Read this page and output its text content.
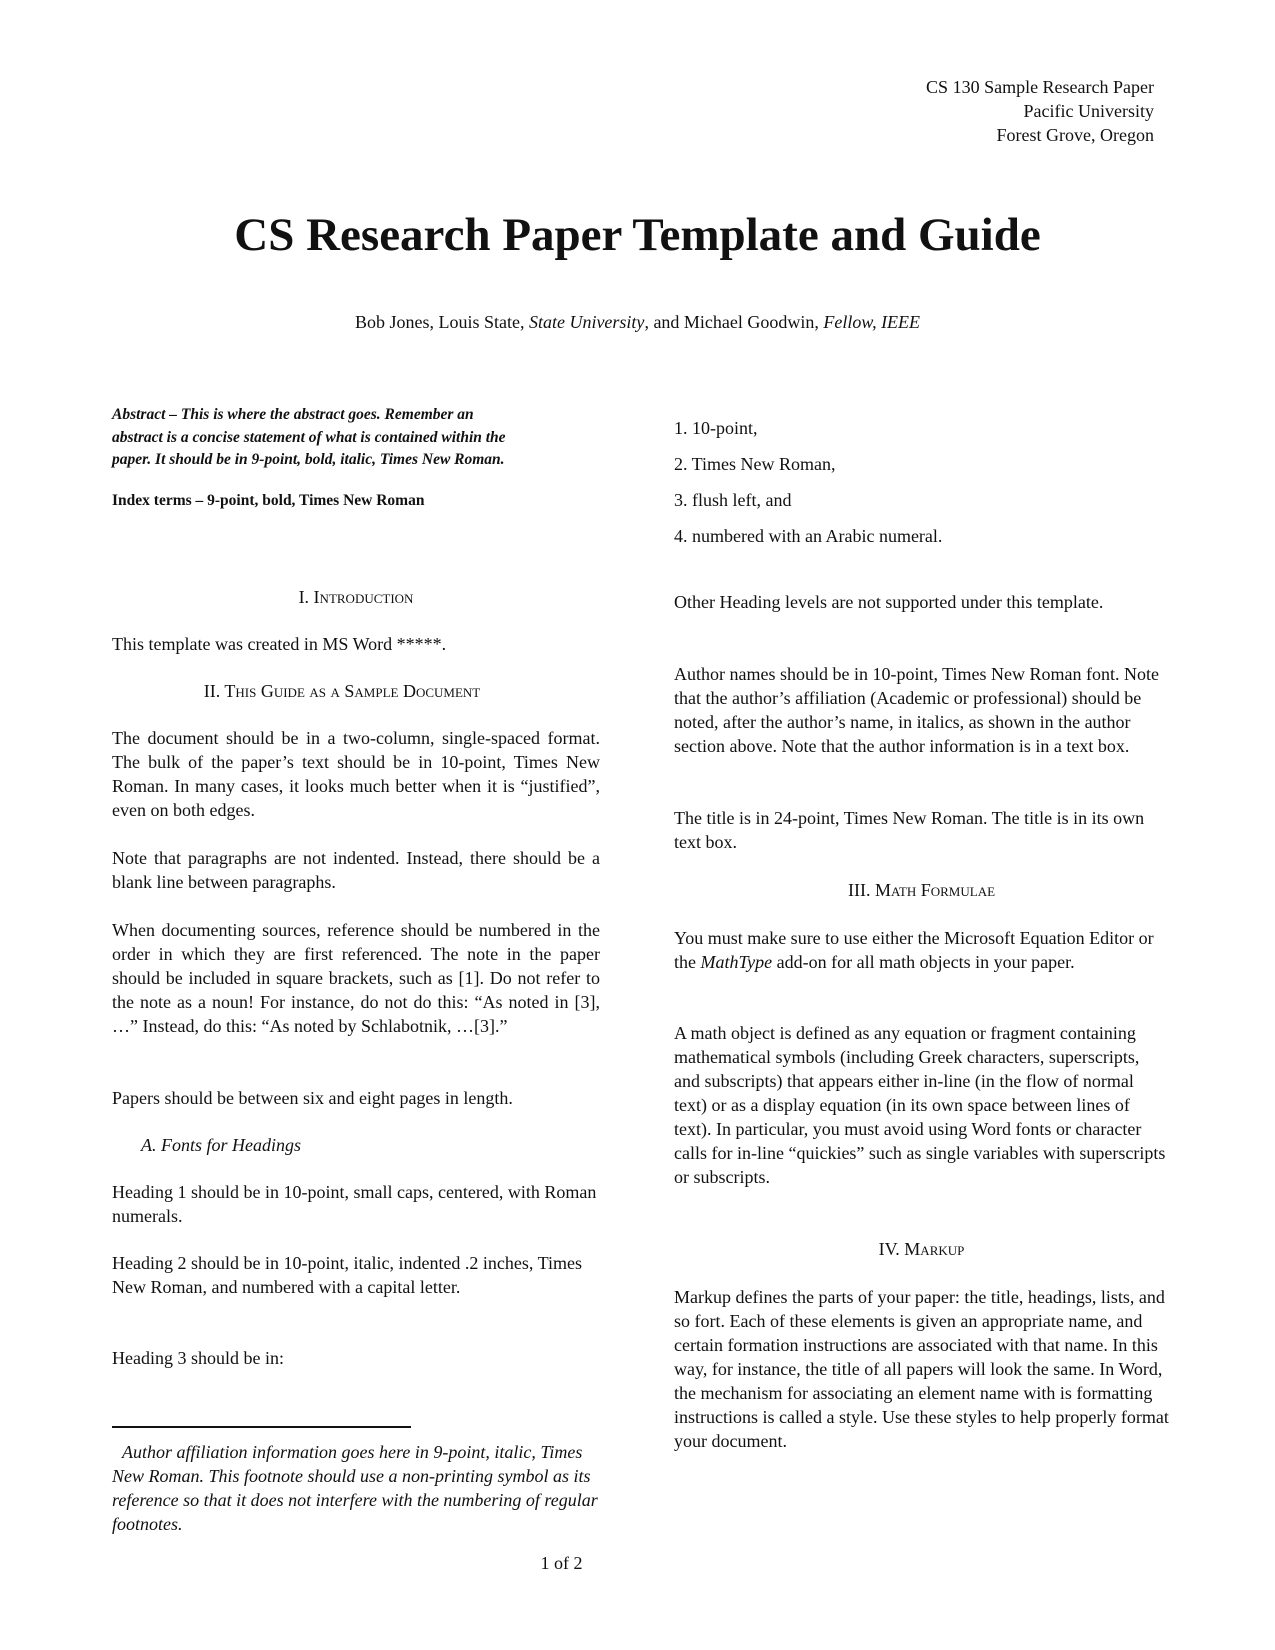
CS 130 Sample Research Paper
Pacific University
Forest Grove, Oregon
CS Research Paper Template and Guide
Bob Jones, Louis State, State University, and Michael Goodwin, Fellow, IEEE
Abstract – This is where the abstract goes. Remember an
abstract is a concise statement of what is contained within the
paper. It should be in 9-point, bold, italic, Times New Roman.
Index terms – 9-point, bold, Times New Roman
I. Introduction
This template was created in MS Word *****.
II. This Guide as a Sample Document
The document should be in a two-column, single-spaced format. The bulk of the paper’s text should be in 10-point, Times New Roman. In many cases, it looks much better when it is “justified”, even on both edges.
Note that paragraphs are not indented. Instead, there should be a blank line between paragraphs.
When documenting sources, reference should be numbered in the order in which they are first referenced. The note in the paper should be included in square brackets, such as [1]. Do not refer to the note as a noun! For instance, do not do this: “As noted in [3], …” Instead, do this: “As noted by Schlabotnik, …[3].”
Papers should be between six and eight pages in length.
A. Fonts for Headings
Heading 1 should be in 10-point, small caps, centered, with Roman numerals.
Heading 2 should be in 10-point, italic, indented .2 inches, Times New Roman, and numbered with a capital letter.
Heading 3 should be in:
Author affiliation information goes here in 9-point, italic, Times New Roman. This footnote should use a non-printing symbol as its reference so that it does not interfere with the numbering of regular footnotes.
1. 10-point,
2. Times New Roman,
3. flush left, and
4. numbered with an Arabic numeral.
Other Heading levels are not supported under this template.
Author names should be in 10-point, Times New Roman font. Note that the author’s affiliation (Academic or professional) should be noted, after the author’s name, in italics, as shown in the author section above. Note that the author information is in a text box.
The title is in 24-point, Times New Roman. The title is in its own text box.
III. Math Formulae
You must make sure to use either the Microsoft Equation Editor or the MathType add-on for all math objects in your paper.
A math object is defined as any equation or fragment containing mathematical symbols (including Greek characters, superscripts, and subscripts) that appears either in-line (in the flow of normal text) or as a display equation (in its own space between lines of text). In particular, you must avoid using Word fonts or character calls for in-line “quickies” such as single variables with superscripts or subscripts.
IV. Markup
Markup defines the parts of your paper: the title, headings, lists, and so fort. Each of these elements is given an appropriate name, and certain formation instructions are associated with that name. In this way, for instance, the title of all papers will look the same. In Word, the mechanism for associating an element name with is formatting instructions is called a style. Use these styles to help properly format your document.
1 of 2
